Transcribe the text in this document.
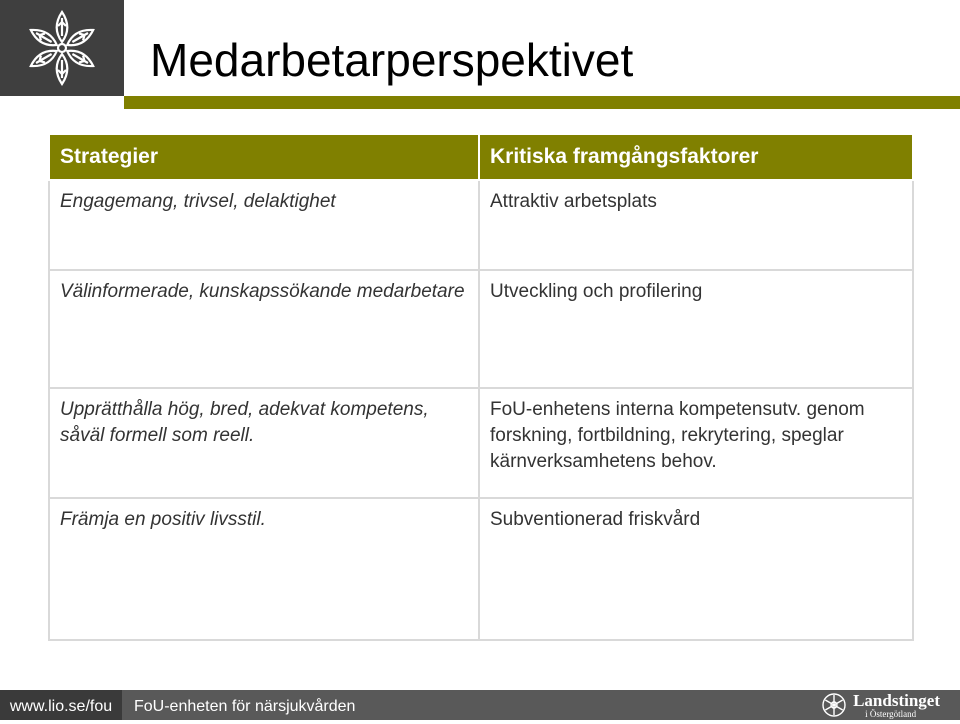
Medarbetarperspektivet
Strategier	Kritiska framgångsfaktorer
Engagemang, trivsel, delaktighet	Attraktiv arbetsplats
Välinformerade, kunskapssökande medarbetare	Utveckling och profilering
Upprätthålla hög, bred, adekvat kompetens, såväl formell som reell.	FoU-enhetens interna kompetensutv. genom forskning, fortbildning, rekrytering, speglar kärnverksamhetens behov.
Främja en positiv livsstil.	Subventionerad friskvård
www.lio.se/fou	FoU-enheten för närsjukvården	Landstinget
i Östergötland
